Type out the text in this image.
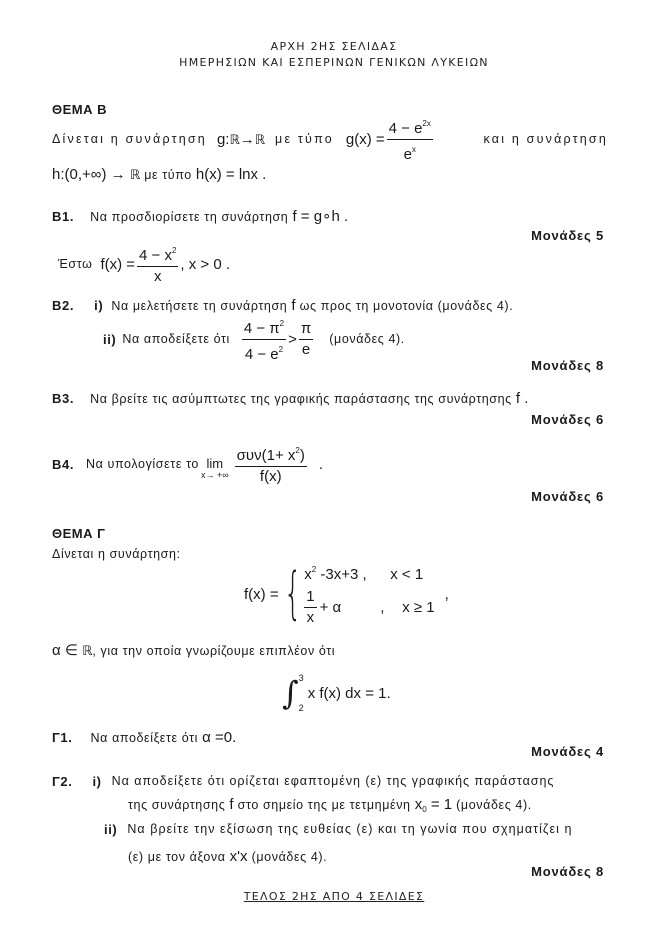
ΑΡΧΗ 2ΗΣ ΣΕΛΙΔΑΣ
ΗΜΕΡΗΣΙΩΝ ΚΑΙ ΕΣΠΕΡΙΝΩΝ ΓΕΝΙΚΩΝ ΛΥΚΕΙΩΝ
ΘΕΜΑ Β
Δίνεται η συνάρτηση g:ℝ→ℝ με τύπο $g(x) = \frac{4 - e^{2x}}{e^x}$	και η συνάρτηση
h:(0,+∞) → ℝ με τύπο h(x) = lnx .
Β1. Να προσδιορίσετε τη συνάρτηση f = g∘h .
Μονάδες 5
Έστω $f(x) = \frac{4 - x^2}{x}$ , x > 0 .
Β2. i) Να μελετήσετε τη συνάρτηση f ως προς τη μονοτονία (μονάδες 4).
ii) Να αποδείξετε ότι $\frac{4 - \pi^2}{4 - e^2} > \frac{\pi}{e} (\mu o\nu ά\delta\varepsilon\varsigma$ 4).
Μονάδες 8
Β3. Να βρείτε τις ασύμπτωτες της γραφικής παράστασης της συνάρτησης f .
Μονάδες 6
Β4. Να υπολογίσετε το lim
x→ +∞ $\frac{\sigma\upsilon\nu(1+ x^2)}{f(x)}$ .
Μονάδες 6
ΘΕΜΑ Γ
Δίνεται η συνάρτηση:
f(x) = { $x^2$ -3x+3 ,	x < 1
$\frac{1}{x} + \alpha$	,	x ≥ 1
,
α ∈ ℝ, για την οποία γνωρίζουμε επιπλέον ότι
∫ 3
2
x f(x) dx = 1.
Γ1. Να αποδείξετε ότι α =0.
Μονάδες 4
Γ2. i) Να αποδείξετε ότι ορίζεται εφαπτομένη (ε) της γραφικής παράστασης
της συνάρτησης f στο σημείο της με τετμημένη $x_0 = 1$ (μονάδες 4).
ii) Να βρείτε την εξίσωση της ευθείας (ε) και τη γωνία που σχηματίζει η
(ε) με τον άξονα x'x (μονάδες 4).
Μονάδες 8
ΤΕΛΟΣ 2ΗΣ ΑΠΟ 4 ΣΕΛΙΔΕΣ
